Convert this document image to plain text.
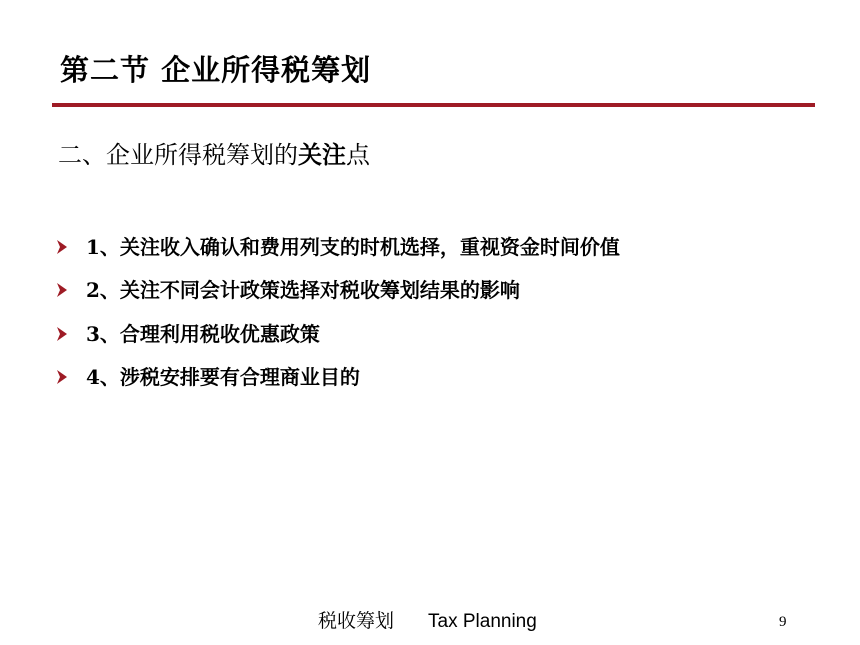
第二节 企业所得税筹划
二、企业所得税筹划的关注点
1、关注收入确认和费用列支的时机选择，重视资金时间价值
2、关注不同会计政策选择对税收筹划结果的影响
3、合理利用税收优惠政策
4、涉税安排要有合理商业目的
税收筹划 Tax Planning	9
